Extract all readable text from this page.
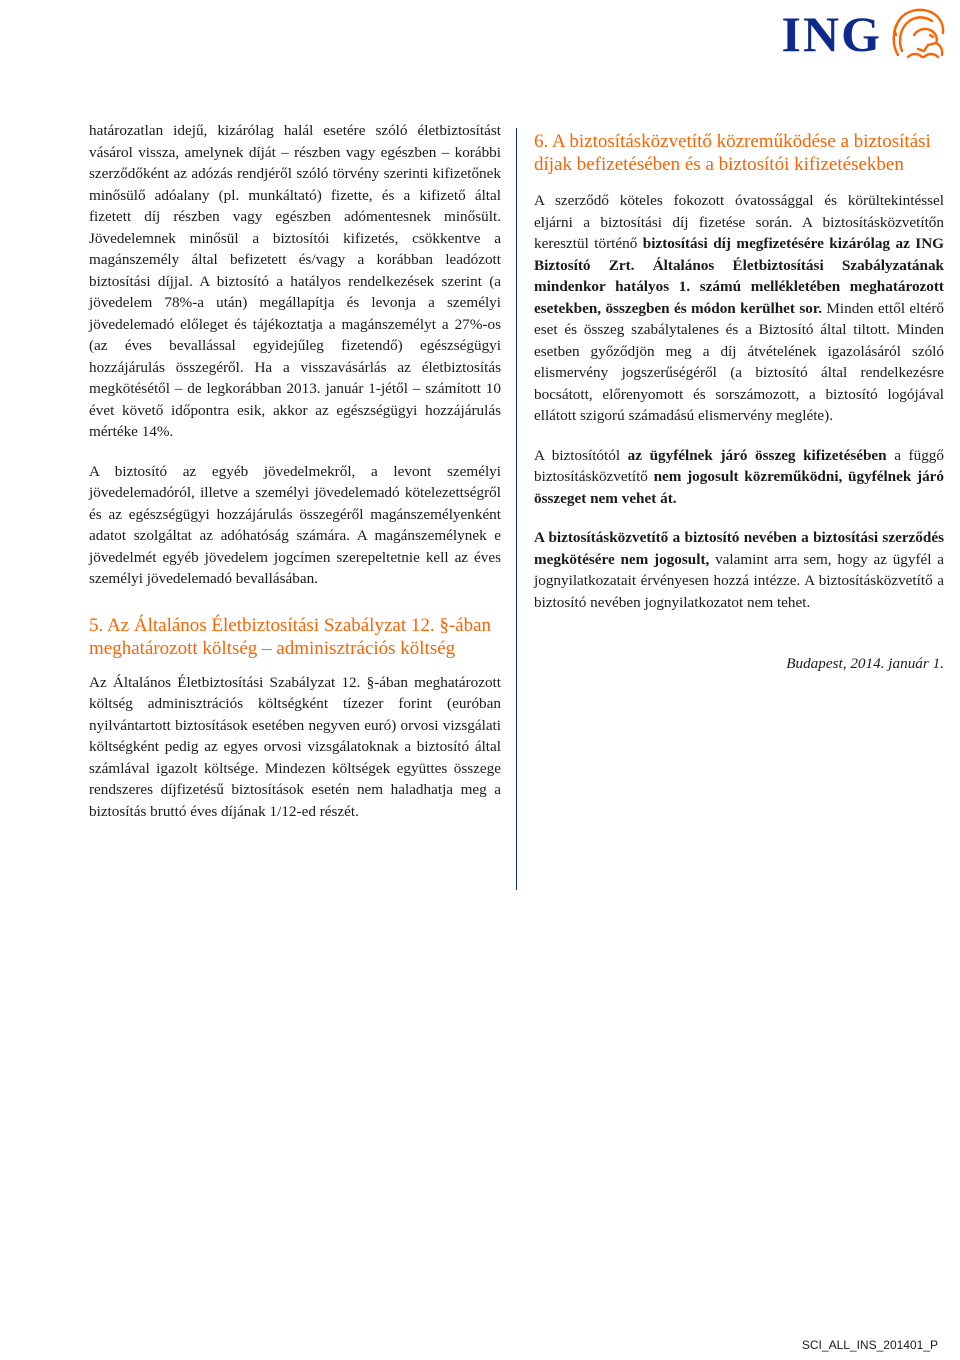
ING

határozatlan idejű, kizárólag halál esetére szóló életbiztosítást vásárol vissza, amelynek díját – részben vagy egészben – korábbi szerződőként az adózás rendjéről szóló törvény szerinti kifizetőnek minősülő adóalany (pl. munkáltató) fizette, és a kifizető által fizetett díj részben vagy egészben adómentesnek minősült. Jövedelemnek minősül a biztosítói kifizetés, csökkentve a magánszemély által befizetett és/vagy a korábban leadózott biztosítási díjjal. A biztosító a hatályos rendelkezések szerint (a jövedelem 78%-a után) megállapítja és levonja a személyi jövedelemadó előleget és tájékoztatja a magánszemélyt a 27%-os (az éves bevallással egyidejűleg fizetendő) egészségügyi hozzájárulás összegéről. Ha a visszavásárlás az életbiztosítás megkötésétől – de legkorábban 2013. január 1-jétől – számított 10 évet követő időpontra esik, akkor az egészségügyi hozzájárulás mértéke 14%.

A biztosító az egyéb jövedelmekről, a levont személyi jövedelemadóról, illetve a személyi jövedelemadó kötelezettségről és az egészségügyi hozzájárulás összegéről magánszemélyenként adatot szolgáltat az adóhatóság számára. A magánszemélynek e jövedelmét egyéb jövedelem jogcímen szerepeltetnie kell az éves személyi jövedelemadó bevallásában.

5. Az Általános Életbiztosítási Szabályzat 12. §-ában meghatározott költség – adminisztrációs költség

Az Általános Életbiztosítási Szabályzat 12. §-ában meghatározott költség adminisztrációs költségként tízezer forint (euróban nyilvántartott biztosítások esetében negyven euró) orvosi vizsgálati költségként pedig az egyes orvosi vizsgálatoknak a biztosító által számlával igazolt költsége. Mindezen költségek együttes összege rendszeres díjfizetésű biztosítások esetén nem haladhatja meg a biztosítás bruttó éves díjának 1/12-ed részét.

6. A biztosításközvetítő közreműködése a biztosítási díjak befizetésében és a biztosítói kifizetésekben

A szerződő köteles fokozott óvatossággal és körültekintéssel eljárni a biztosítási díj fizetése során. A biztosításközvetítőn keresztül történő biztosítási díj megfizetésére kizárólag az ING Biztosító Zrt. Általános Életbiztosítási Szabályzatának mindenkor hatályos 1. számú mellékletében meghatározott esetekben, összegben és módon kerülhet sor. Minden ettől eltérő eset és összeg szabálytalenes és a Biztosító által tiltott. Minden esetben győződjön meg a díj átvételének igazolásáról szóló elismervény jogszerűségéről (a biztosító által rendelkezésre bocsátott, előrenyomott és sorszámozott, a biztosító logójával ellátott szigorú számadású elismervény megléte).

A biztosítótól az ügyfélnek járó összeg kifizetésében a függő biztosításközvetítő nem jogosult közreműködni, ügyfélnek járó összeget nem vehet át.

A biztosításközvetítő a biztosító nevében a biztosítási szerződés megkötésére nem jogosult, valamint arra sem, hogy az ügyfél a jognyilatkozatait érvényesen hozzá intézze. A biztosításközvetítő a biztosító nevében jognyilatkozatot nem tehet.

Budapest, 2014. január 1.

SCI_ALL_INS_201401_P
